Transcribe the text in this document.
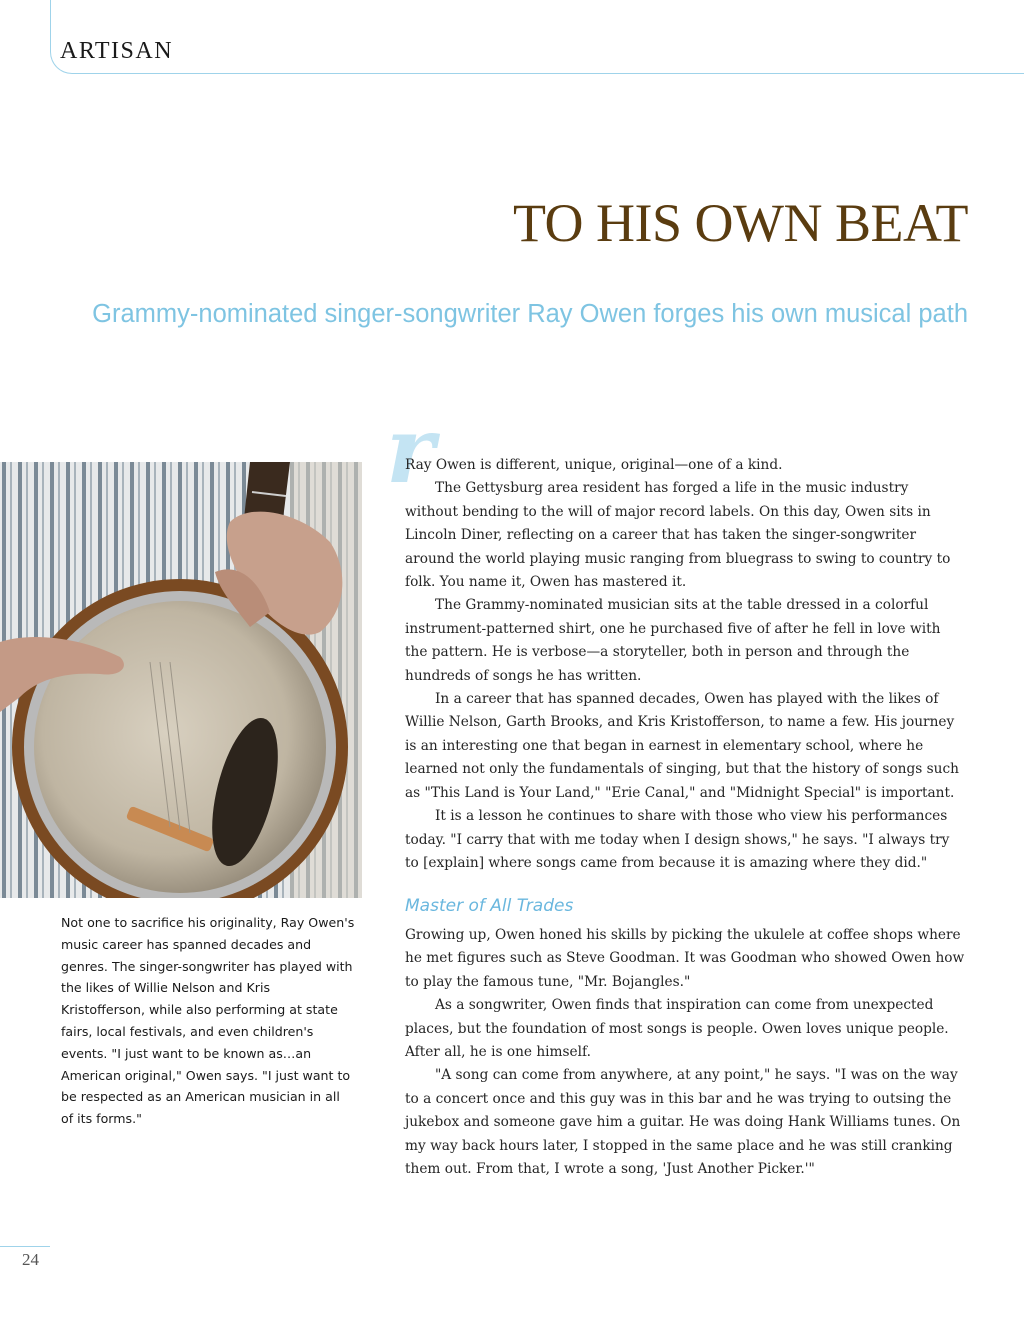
ARTISAN
TO HIS OWN BEAT
Grammy-nominated singer-songwriter Ray Owen forges his own musical path
Not one to sacrifice his originality, Ray Owen's music career has spanned decades and genres. The singer-songwriter has played with the likes of Willie Nelson and Kris Kristofferson, while also performing at state fairs, local festivals, and even children's events. "I just want to be known as…an American original," Owen says. "I just want to be respected as an American musician in all of its forms."
r

Ray Owen is different, unique, original—one of a kind.

The Gettysburg area resident has forged a life in the music industry without bending to the will of major record labels. On this day, Owen sits in Lincoln Diner, reflecting on a career that has taken the singer-songwriter around the world playing music ranging from bluegrass to swing to country to folk. You name it, Owen has mastered it.

The Grammy-nominated musician sits at the table dressed in a colorful instrument-patterned shirt, one he purchased five of after he fell in love with the pattern. He is verbose—a storyteller, both in person and through the hundreds of songs he has written.

In a career that has spanned decades, Owen has played with the likes of Willie Nelson, Garth Brooks, and Kris Kristofferson, to name a few. His journey is an interesting one that began in earnest in elementary school, where he learned not only the fundamentals of singing, but that the history of songs such as "This Land is Your Land," "Erie Canal," and "Midnight Special" is important.

It is a lesson he continues to share with those who view his performances today. "I carry that with me today when I design shows," he says. "I always try to [explain] where songs came from because it is amazing where they did."

Master of All Trades

Growing up, Owen honed his skills by picking the ukulele at coffee shops where he met figures such as Steve Goodman. It was Goodman who showed Owen how to play the famous tune, "Mr. Bojangles."

As a songwriter, Owen finds that inspiration can come from unexpected places, but the foundation of most songs is people. Owen loves unique people. After all, he is one himself.

"A song can come from anywhere, at any point," he says. "I was on the way to a concert once and this guy was in this bar and he was trying to outsing the jukebox and someone gave him a guitar. He was doing Hank Williams tunes. On my way back hours later, I stopped in the same place and he was still cranking them out. From that, I wrote a song, 'Just Another Picker.'"

24
